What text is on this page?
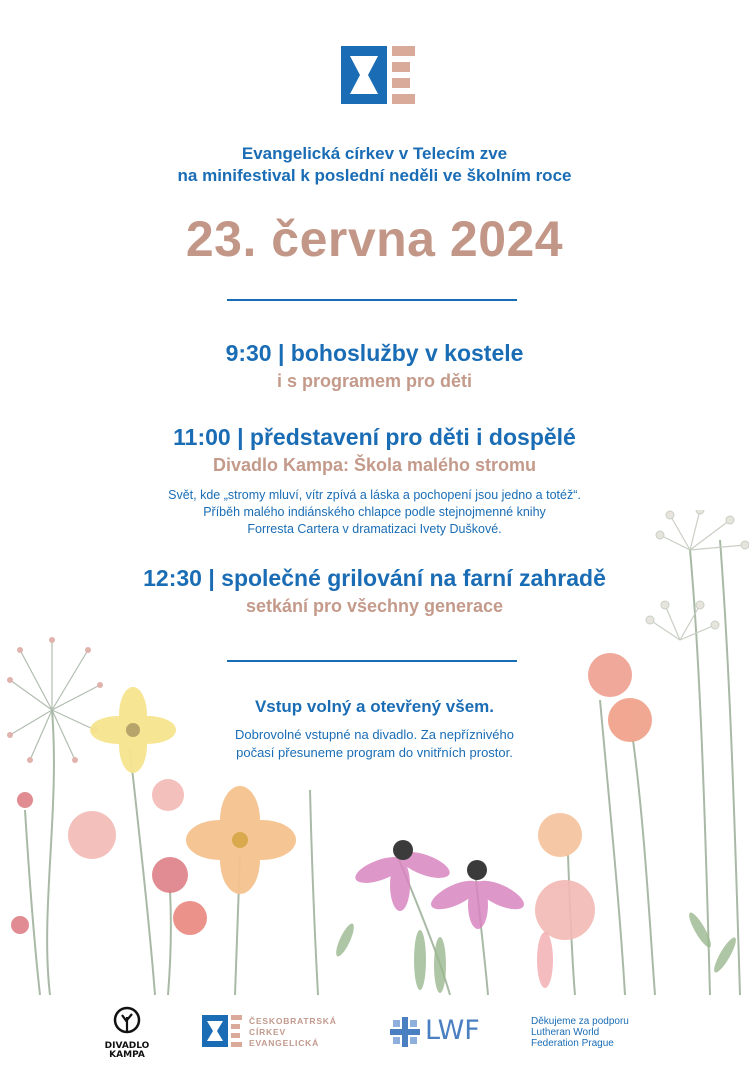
Evangelická církev v Telecím zve
na minifestival k poslední neděli ve školním roce
23. června 2024
9:30 | bohoslužby v kostele
i s programem pro děti
11:00 | představení pro děti i dospělé
Divadlo Kampa: Škola malého stromu
Svět, kde „stromy mluví, vítr zpívá a láska a pochopení jsou jedno a totéž“.
Příběh malého indiánského chlapce podle stejnojmenné knihy
Forresta Cartera v dramatizaci Ivety Duškové.
12:30 | společné grilování na farní zahradě
setkání pro všechny generace
Vstup volný a otevřený všem.
Dobrovolné vstupné na divadlo. Za nepříznivého
počasí přesuneme program do vnitřních prostor.
DIVADLO
KAMPA
ČESKOBRATRSKÁ
CÍRKEV
EVANGELICKÁ	LWF	Děkujeme za podporu
Lutheran World
Federation Prague
